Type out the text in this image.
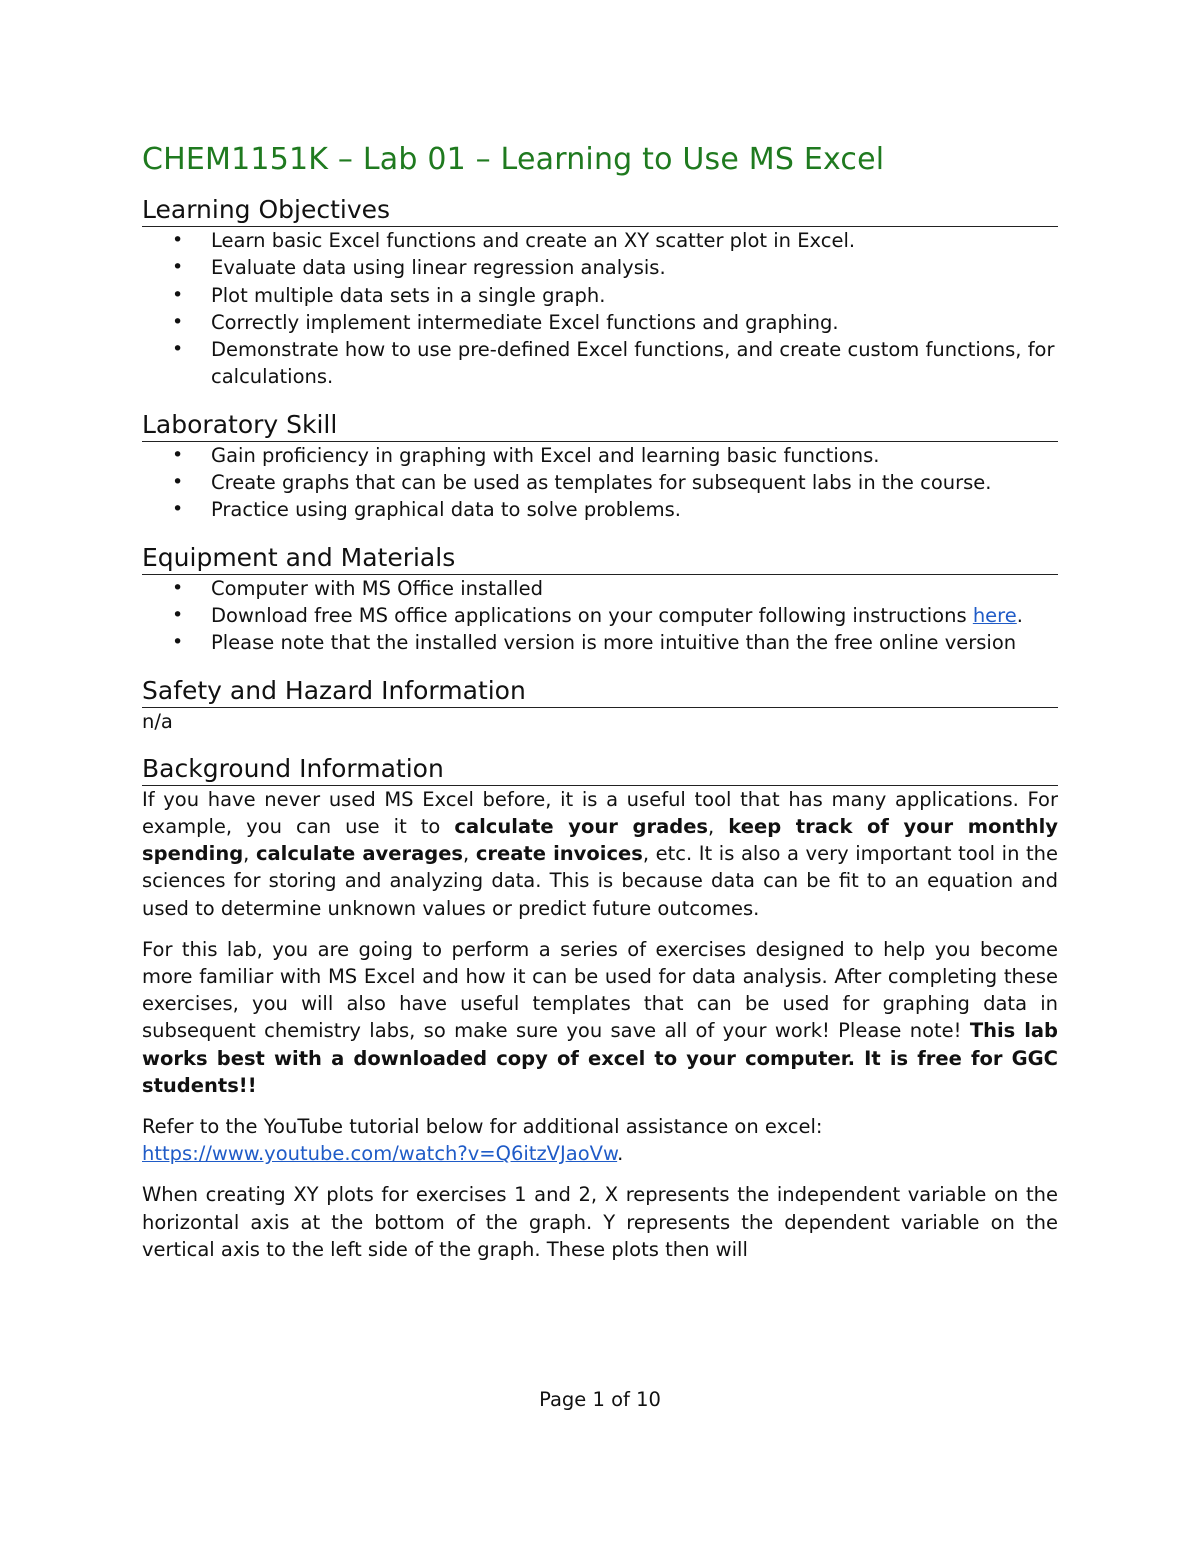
CHEM1151K – Lab 01 – Learning to Use MS Excel
Learning Objectives
• Learn basic Excel functions and create an XY scatter plot in Excel.
• Evaluate data using linear regression analysis.
• Plot multiple data sets in a single graph.
• Correctly implement intermediate Excel functions and graphing.
• Demonstrate how to use pre-defined Excel functions, and create custom functions, for calculations.
Laboratory Skill
• Gain proficiency in graphing with Excel and learning basic functions.
• Create graphs that can be used as templates for subsequent labs in the course.
• Practice using graphical data to solve problems.
Equipment and Materials
• Computer with MS Office installed
• Download free MS office applications on your computer following instructions here.
• Please note that the installed version is more intuitive than the free online version
Safety and Hazard Information

n/a

Background Information

If you have never used MS Excel before, it is a useful tool that has many applications. For example, you can use it to calculate your grades, keep track of your monthly spending, calculate averages, create invoices, etc. It is also a very important tool in the sciences for storing and analyzing data. This is because data can be fit to an equation and used to determine unknown values or predict future outcomes.

For this lab, you are going to perform a series of exercises designed to help you become more familiar with MS Excel and how it can be used for data analysis. After completing these exercises, you will also have useful templates that can be used for graphing data in subsequent chemistry labs, so make sure you save all of your work! Please note! This lab works best with a downloaded copy of excel to your computer. It is free for GGC students!!

Refer to the YouTube tutorial below for additional assistance on excel:
https://www.youtube.com/watch?v=Q6itzVJaoVw.

When creating XY plots for exercises 1 and 2, X represents the independent variable on the horizontal axis at the bottom of the graph. Y represents the dependent variable on the vertical axis to the left side of the graph. These plots then will

Page 1 of 10
